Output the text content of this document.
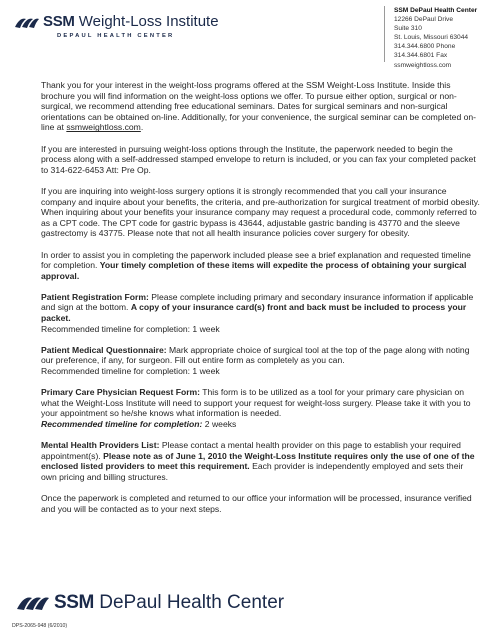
SSM Weight-Loss Institute
DEPAUL HEALTH CENTER
SSM DePaul Health Center
12266 DePaul Drive
Suite 310
St. Louis, Missouri 63044
314.344.6800 Phone
314.344.6801 Fax
ssmweightloss.com

Thank you for your interest in the weight-loss programs offered at the SSM Weight-Loss Institute. Inside this brochure you will find information on the weight-loss options we offer. To pursue either option, surgical or non-surgical, we recommend attending free educational seminars. Dates for surgical seminars and non-surgical orientations can be obtained on-line. Additionally, for your convenience, the surgical seminar can be completed on-line at ssmweightloss.com.

If you are interested in pursuing weight-loss options through the Institute, the paperwork needed to begin the process along with a self-addressed stamped envelope to return is included, or you can fax your completed packet to 314-622-6453 Att: Pre Op.

If you are inquiring into weight-loss surgery options it is strongly recommended that you call your insurance company and inquire about your benefits, the criteria, and pre-authorization for surgical treatment of morbid obesity. When inquiring about your benefits your insurance company may request a procedural code, commonly referred to as a CPT code. The CPT code for gastric bypass is 43644, adjustable gastric banding is 43770 and the sleeve gastrectomy is 43775. Please note that not all health insurance policies cover surgery for obesity.

In order to assist you in completing the paperwork included please see a brief explanation and requested timeline for completion. Your timely completion of these items will expedite the process of obtaining your surgical approval.

Patient Registration Form: Please complete including primary and secondary insurance information if applicable and sign at the bottom. A copy of your insurance card(s) front and back must be included to process your packet.
Recommended timeline for completion: 1 week

Patient Medical Questionnaire: Mark appropriate choice of surgical tool at the top of the page along with noting our preference, if any, for surgeon. Fill out entire form as completely as you can.
Recommended timeline for completion: 1 week

Primary Care Physician Request Form: This form is to be utilized as a tool for your primary care physician on what the Weight-Loss Institute will need to support your request for weight-loss surgery. Please take it with you to your appointment so he/she knows what information is needed.
Recommended timeline for completion: 2 weeks

Mental Health Providers List: Please contact a mental health provider on this page to establish your required appointment(s). Please note as of June 1, 2010 the Weight-Loss Institute requires only the use of one of the enclosed listed providers to meet this requirement. Each provider is independently employed and sets their own pricing and billing structures.

Once the paperwork is completed and returned to our office your information will be processed, insurance verified and you will be contacted as to your next steps.

SSM DePaul Health Center
DPS-2065-948 (6/2010)
